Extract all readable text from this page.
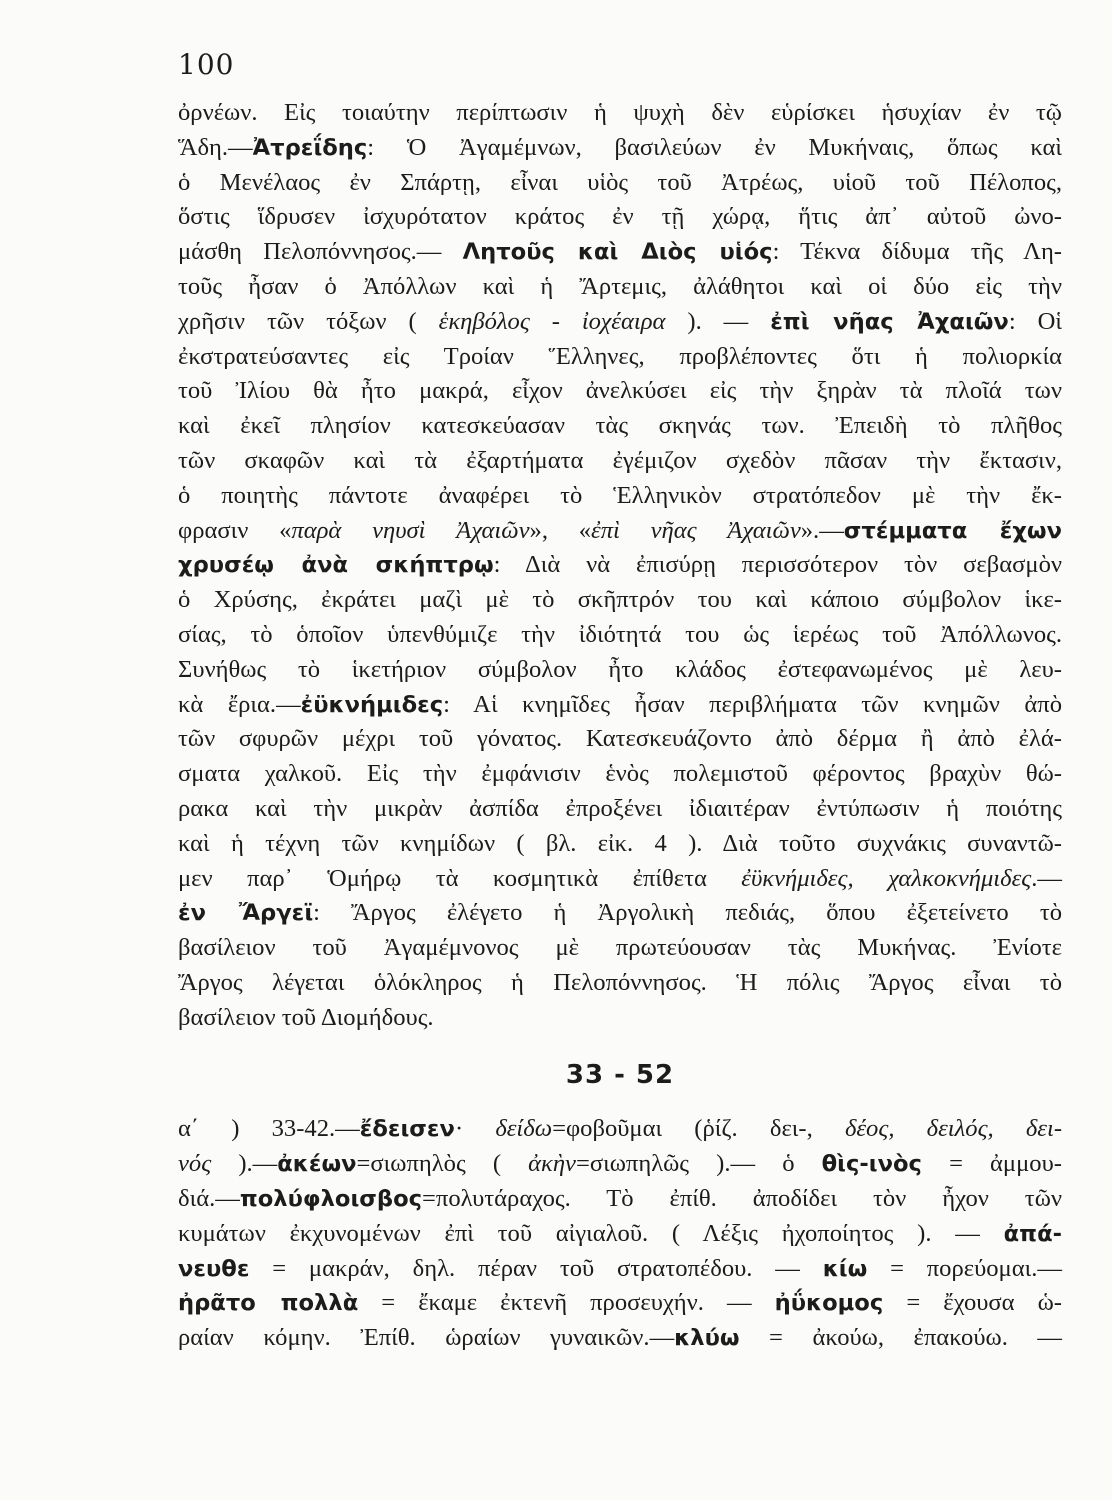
100
ὀρνέων. Εἰς τοιαύτην περίπτωσιν ἡ ψυχὴ δὲν εὑρίσκει ἡσυχίαν ἐν τῷ
Ἅδη.—Ἀτρεΐδης: Ὁ Ἀγαμέμνων, βασιλεύων ἐν Μυκήναις, ὅπως καὶ
ὁ Μενέλαος ἐν Σπάρτῃ, εἶναι υἱὸς τοῦ Ἀτρέως, υἱοῦ τοῦ Πέλοπος,
ὅστις ἵδρυσεν ἰσχυρότατον κράτος ἐν τῇ χώρᾳ, ἥτις ἀπ᾽ αὐτοῦ ὠνο-
μάσθη Πελοπόννησος.— Λητοῦς καὶ Διὸς υἱός: Τέκνα δίδυμα τῆς Λη-
τοῦς ἦσαν ὁ Ἀπόλλων καὶ ἡ Ἄρτεμις, ἀλάθητοι καὶ οἱ δύο εἰς τὴν
χρῆσιν τῶν τόξων ( ἑκηβόλος - ἰοχέαιρα ). — ἐπὶ νῆας Ἀχαιῶν: Οἱ
ἐκστρατεύσαντες εἰς Τροίαν Ἕλληνες, προβλέποντες ὅτι ἡ πολιορκία
τοῦ Ἰλίου θὰ ἦτο μακρά, εἶχον ἀνελκύσει εἰς τὴν ξηρὰν τὰ πλοῖά των
καὶ ἐκεῖ πλησίον κατεσκεύασαν τὰς σκηνάς των. Ἐπειδὴ τὸ πλῆθος
τῶν σκαφῶν καὶ τὰ ἐξαρτήματα ἐγέμιζον σχεδὸν πᾶσαν τὴν ἔκτασιν,
ὁ ποιητὴς πάντοτε ἀναφέρει τὸ Ἑλληνικὸν στρατόπεδον μὲ τὴν ἔκ-
φρασιν «παρὰ νηυσὶ Ἀχαιῶν», «ἐπὶ νῆας Ἀχαιῶν».—στέμματα ἔχων
χρυσέῳ ἀνὰ σκήπτρῳ: Διὰ νὰ ἐπισύρῃ περισσότερον τὸν σεβασμὸν
ὁ Χρύσης, ἐκράτει μαζὶ μὲ τὸ σκῆπτρόν του καὶ κάποιο σύμβολον ἱκε-
σίας, τὸ ὁποῖον ὑπενθύμιζε τὴν ἰδιότητά του ὡς ἱερέως τοῦ Ἀπόλλωνος.
Συνήθως τὸ ἱκετήριον σύμβολον ἦτο κλάδος ἐστεφανωμένος μὲ λευ-
κὰ ἔρια.—ἐϋκνήμιδες: Αἱ κνημῖδες ἦσαν περιβλήματα τῶν κνημῶν ἀπὸ
τῶν σφυρῶν μέχρι τοῦ γόνατος. Κατεσκευάζοντο ἀπὸ δέρμα ἢ ἀπὸ ἐλά-
σματα χαλκοῦ. Εἰς τὴν ἐμφάνισιν ἑνὸς πολεμιστοῦ φέροντος βραχὺν θώ-
ρακα καὶ τὴν μικρὰν ἀσπίδα ἐπροξένει ἰδιαιτέραν ἐντύπωσιν ἡ ποιότης
καὶ ἡ τέχνη τῶν κνημίδων ( βλ. εἰκ. 4 ). Διὰ τοῦτο συχνάκις συναντῶ-
μεν παρ᾽ Ὁμήρῳ τὰ κοσμητικὰ ἐπίθετα ἐϋκνήμιδες, χαλκοκνήμιδες.—
ἐν Ἄργεϊ: Ἄργος ἐλέγετο ἡ Ἀργολικὴ πεδιάς, ὅπου ἐξετείνετο τὸ
βασίλειον τοῦ Ἀγαμέμνονος μὲ πρωτεύουσαν τὰς Μυκήνας. Ἐνίοτε
Ἄργος λέγεται ὁλόκληρος ἡ Πελοπόννησος. Ἡ πόλις Ἄργος εἶναι τὸ
βασίλειον τοῦ Διομήδους.
33 - 52
α΄ ) 33-42.—ἔδεισεν· δείδω=φοβοῦμαι (ῥίζ. δει-, δέος, δειλός, δει-
νός ).—ἀκέων=σιωπηλὸς ( ἀκὴν=σιωπηλῶς ).— ὁ θὶς-ινὸς = ἀμμου-
διά.—πολύφλοισβος=πολυτάραχος. Τὸ ἐπίθ. ἀποδίδει τὸν ἦχον τῶν
κυμάτων ἐκχυνομένων ἐπὶ τοῦ αἰγιαλοῦ. ( Λέξις ἠχοποίητος ). — ἀπά-
νευθε = μακράν, δηλ. πέραν τοῦ στρατοπέδου. — κίω = πορεύομαι.—
ἠρᾶτο πολλὰ = ἔκαμε ἐκτενῆ προσευχήν. — ἠΰκομος = ἔχουσα ὡ-
ραίαν κόμην. Ἐπίθ. ὡραίων γυναικῶν.—κλύω = ἀκούω, ἐπακούω. —
